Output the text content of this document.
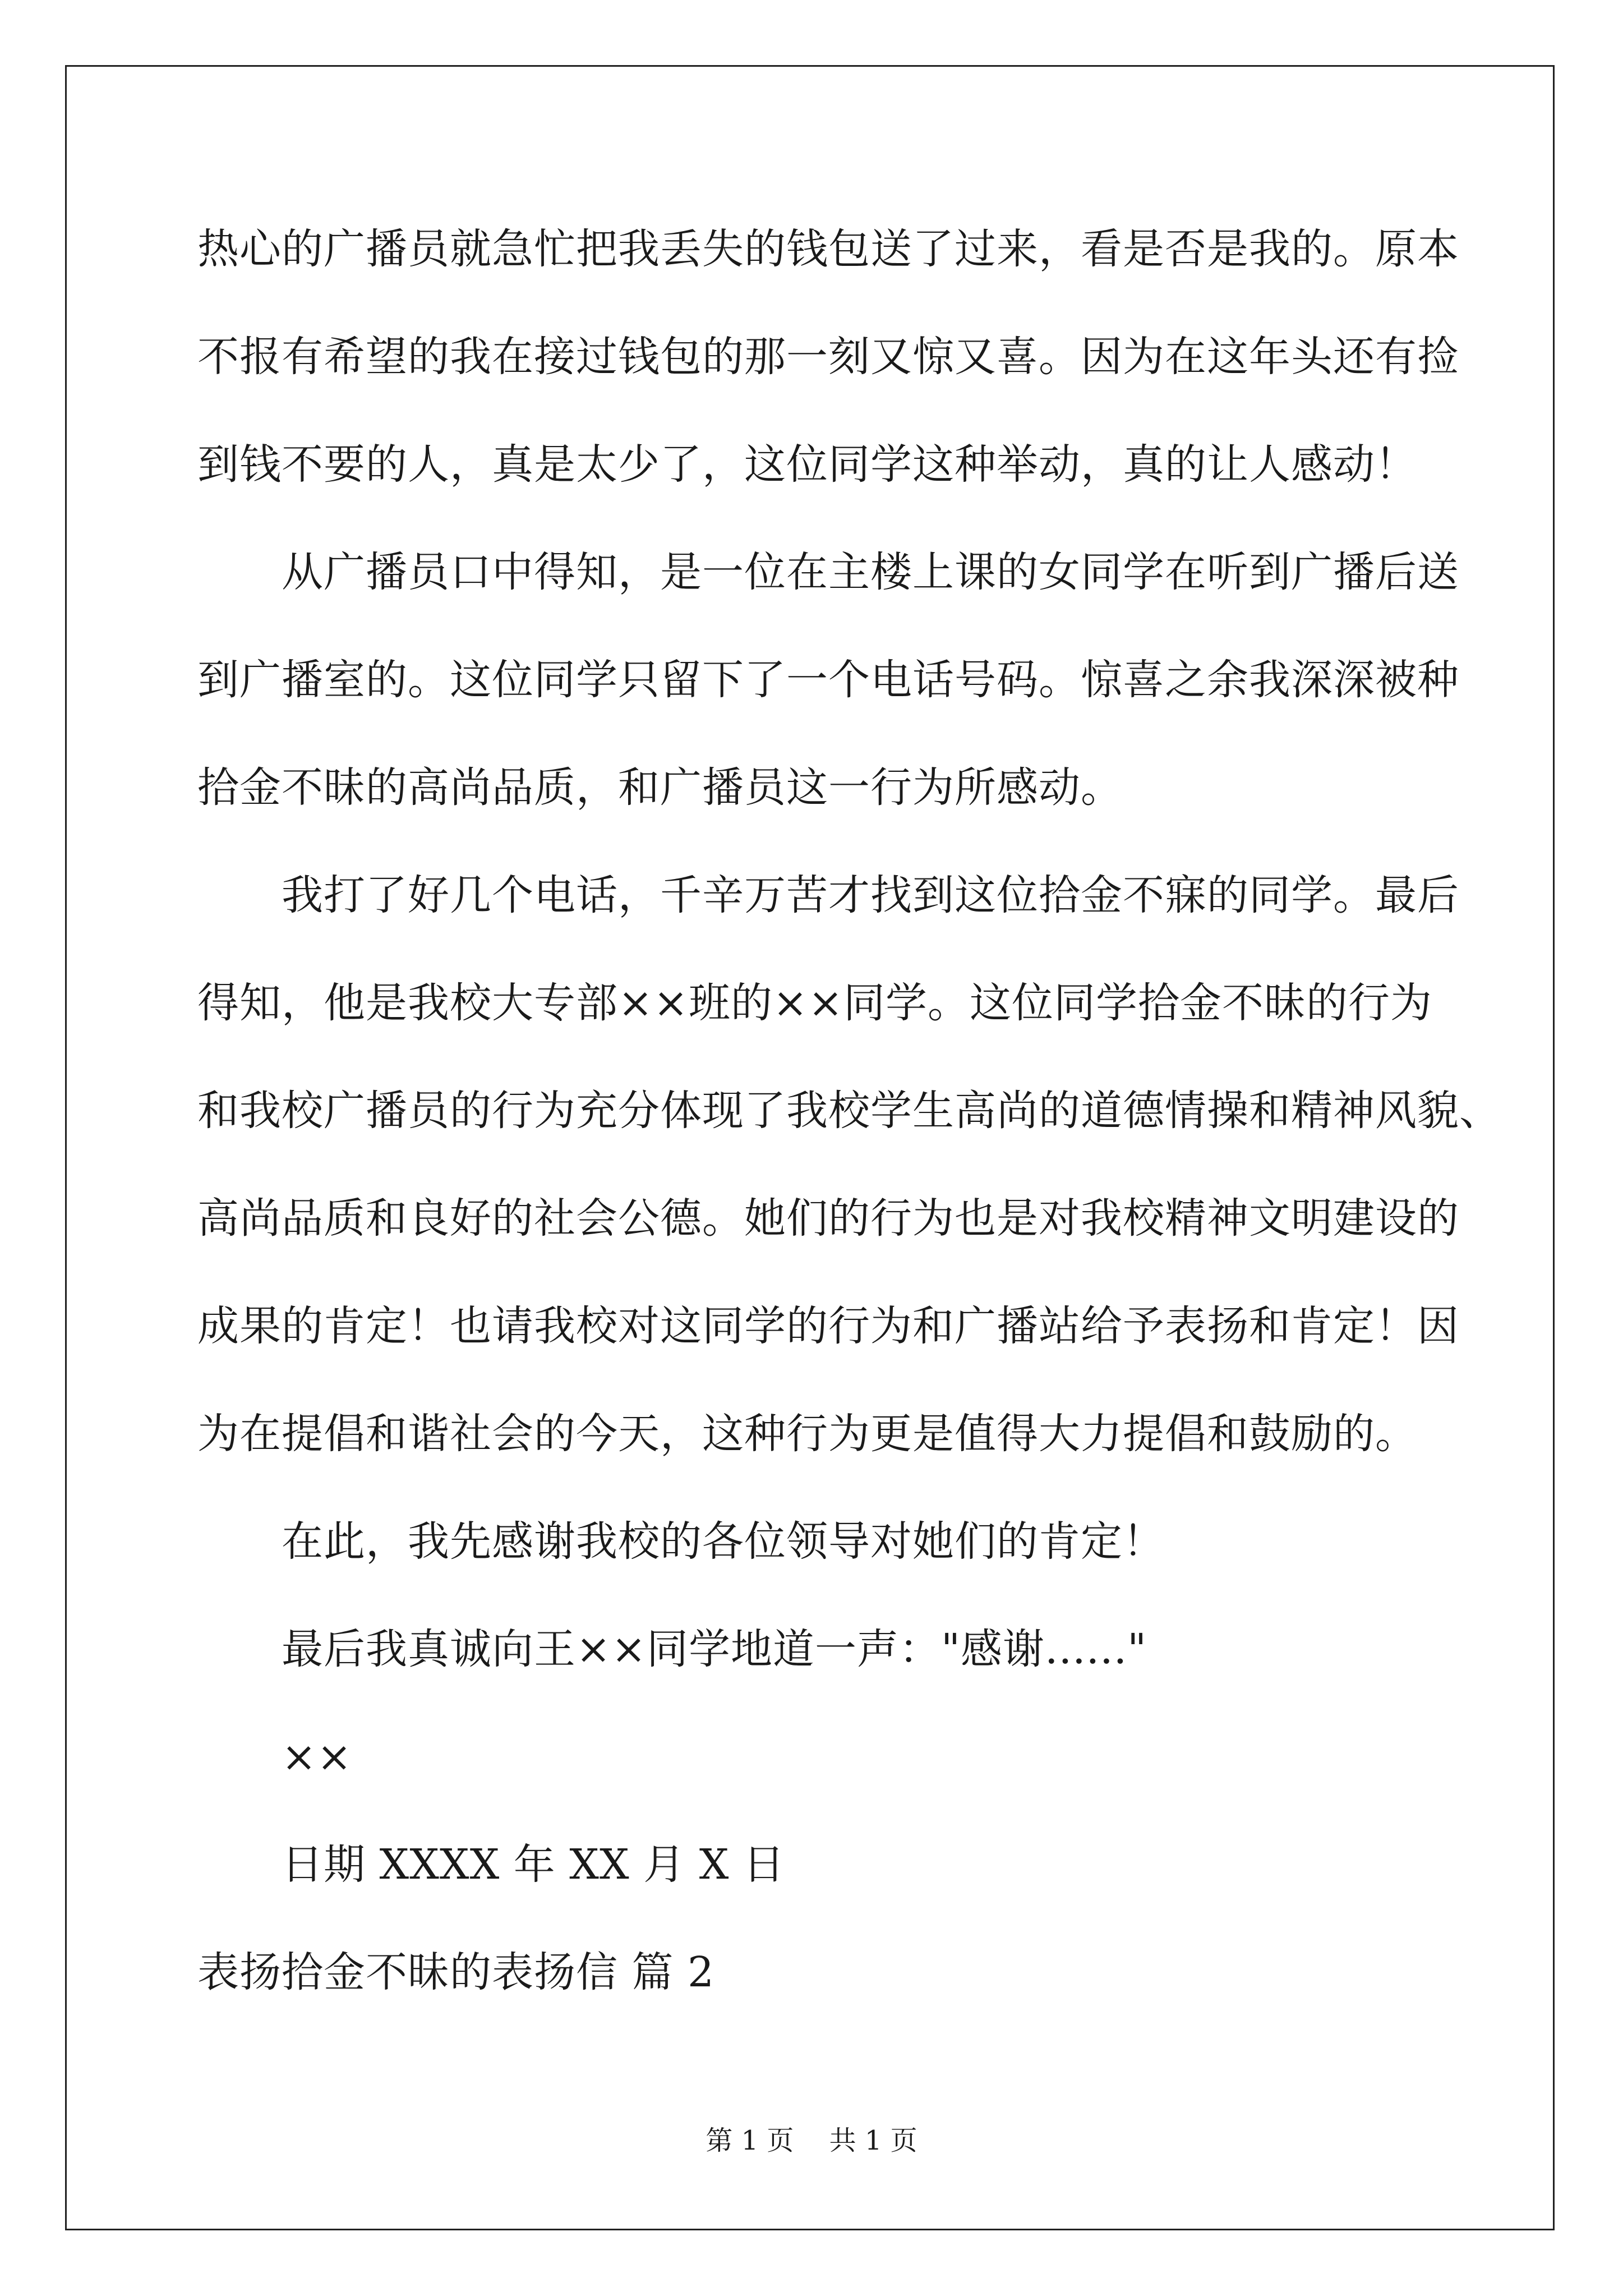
热心的广播员就急忙把我丢失的钱包送了过来，看是否是我的。原本
不报有希望的我在接过钱包的那一刻又惊又喜。因为在这年头还有捡
到钱不要的人，真是太少了，这位同学这种举动，真的让人感动！
　　从广播员口中得知，是一位在主楼上课的女同学在听到广播后送
到广播室的。这位同学只留下了一个电话号码。惊喜之余我深深被种
拾金不昧的高尚品质，和广播员这一行为所感动。
　　我打了好几个电话，千辛万苦才找到这位拾金不寐的同学。最后
得知，他是我校大专部××班的××同学。这位同学拾金不昧的行为
和我校广播员的行为充分体现了我校学生高尚的道德情操和精神风貌、
高尚品质和良好的社会公德。她们的行为也是对我校精神文明建设的
成果的肯定！也请我校对这同学的行为和广播站给予表扬和肯定！因
为在提倡和谐社会的今天，这种行为更是值得大力提倡和鼓励的。
　　在此，我先感谢我校的各位领导对她们的肯定！
　　最后我真诚向王××同学地道一声："感谢......"
　　××
　　日期 XXXX 年 XX 月 X 日
表扬拾金不昧的表扬信 篇 2
第 1 页　 共 1 页
